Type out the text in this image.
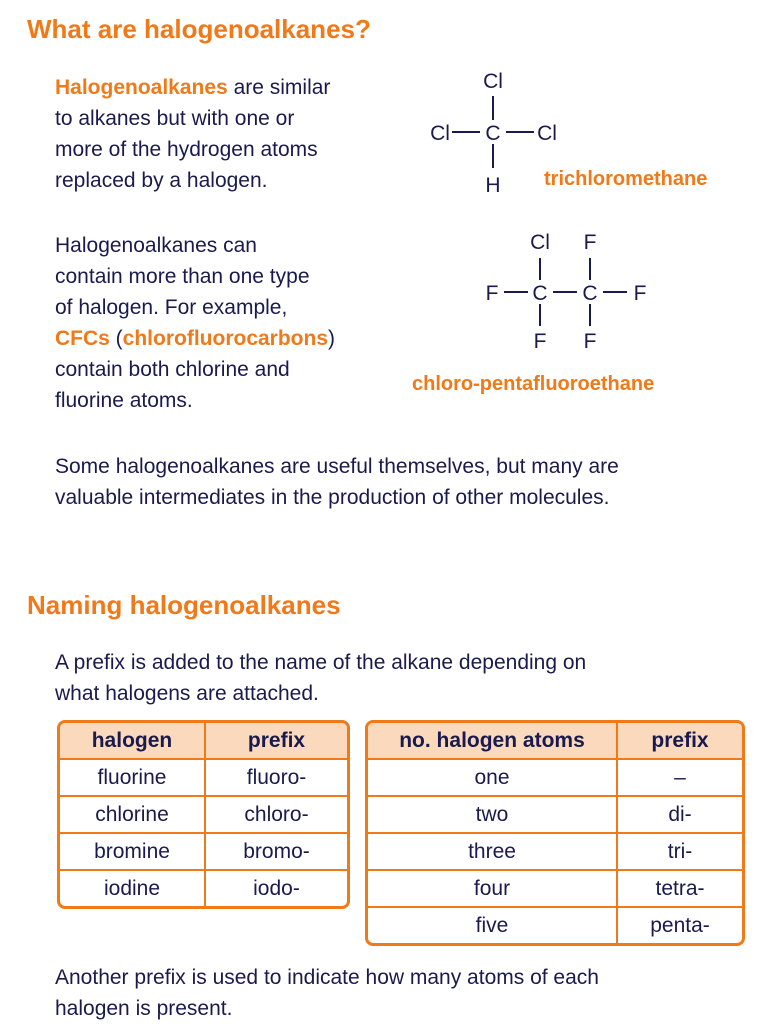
What are halogenoalkanes?
Halogenoalkanes are similar
to alkanes but with one or
more of the hydrogen atoms
replaced by a halogen.
Cl
Cl C Cl
H trichloromethane
Halogenoalkanes can
contain more than one type
of halogen. For example,
CFCs (chlorofluorocarbons)
contain both chlorine and
fluorine atoms.
Cl F
F C C F
F F
chloro-pentafluoroethane
Some halogenoalkanes are useful themselves, but many are
valuable intermediates in the production of other molecules.
Naming halogenoalkanes
A prefix is added to the name of the alkane depending on
what halogens are attached.
halogen	prefix
fluorine	fluoro-
chlorine	chloro-
bromine	bromo-
iodine	iodo-
no. halogen atoms	prefix
one	–
two	di-
three	tri-
four	tetra-
five	penta-
Another prefix is used to indicate how many atoms of each
halogen is present.
